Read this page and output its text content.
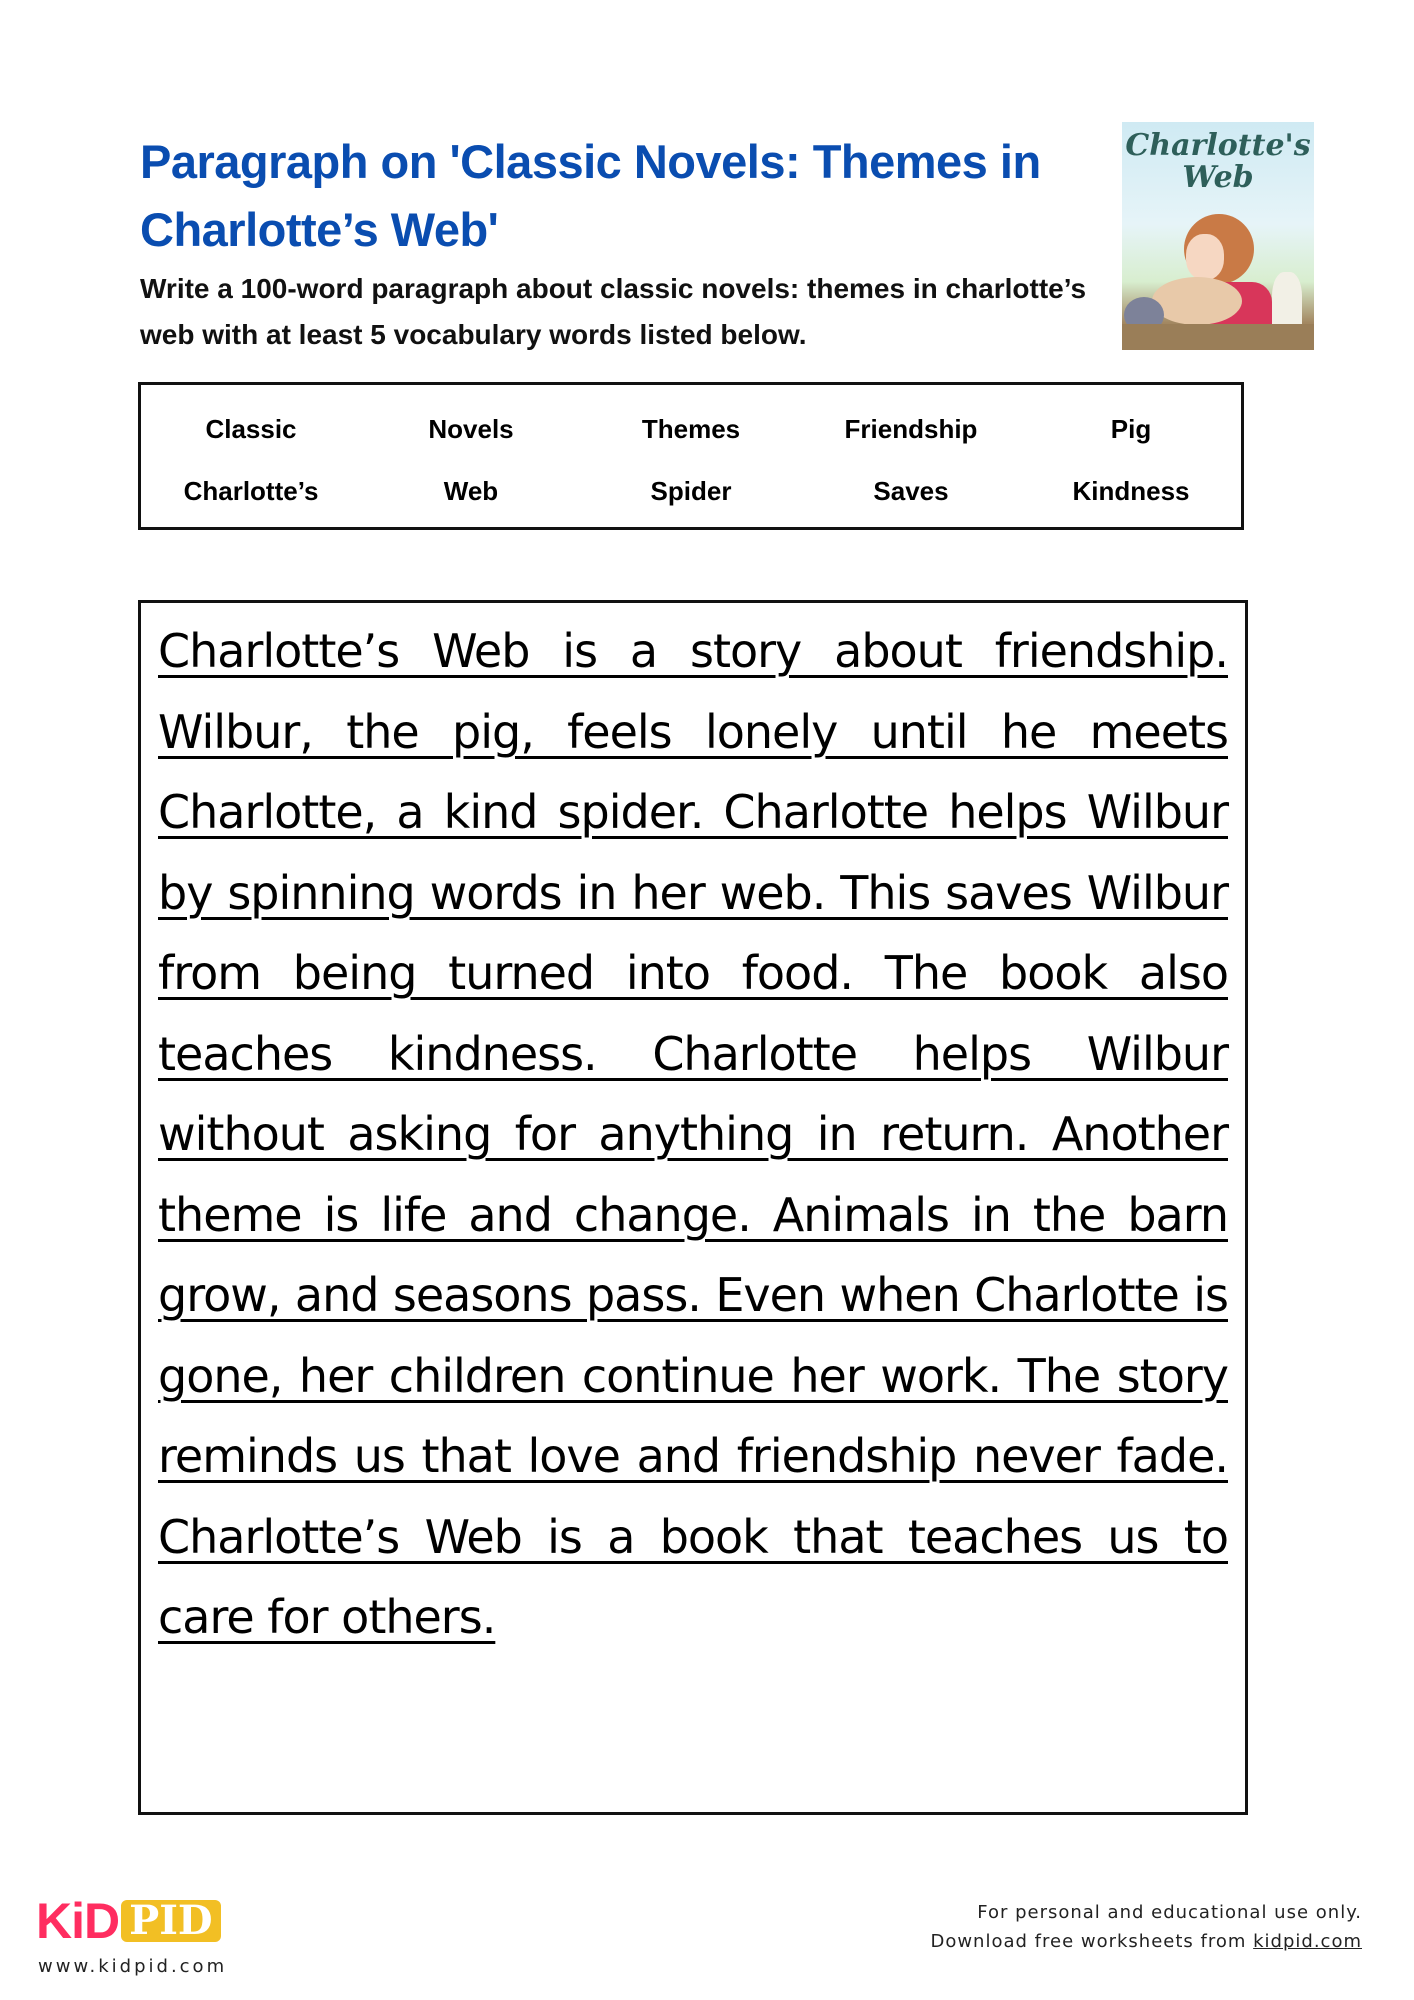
Paragraph on 'Classic Novels: Themes in Charlotte’s Web'
Write a 100-word paragraph about classic novels: themes in charlotte’s web with at least 5 vocabulary words listed below.
Charlotte's Web
Classic	Novels	Themes	Friendship	Pig
Charlotte’s	Web	Spider	Saves	Kindness
Charlotte’s Web is a story about friendship. Wilbur, the pig, feels lonely until he meets Charlotte, a kind spider. Charlotte helps Wilbur by spinning words in her web. This saves Wilbur from being turned into food. The book also teaches kindness. Charlotte helps Wilbur without asking for anything in return. Another theme is life and change. Animals in the barn grow, and seasons pass. Even when Charlotte is gone, her children continue her work. The story reminds us that love and friendship never fade. Charlotte’s Web is a book that teaches us to care for others.
KiD PID
www.kidpid.com
For personal and educational use only.
Download free worksheets from kidpid.com
